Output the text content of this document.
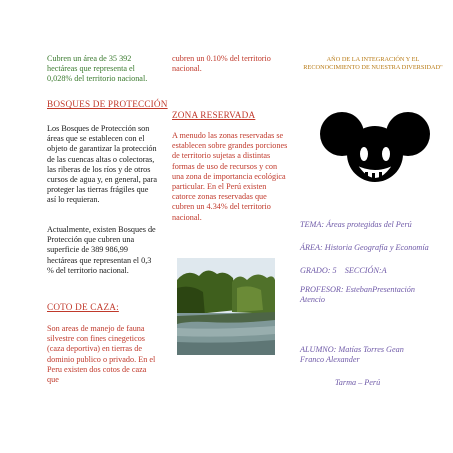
Cubren un área de 35 392 hectáreas que representa el 0,028% del territorio nacional.

BOSQUES DE PROTECCIÓN

Los Bosques de Protección son áreas que se establecen con el objeto de garantizar la protección de las cuencas altas o colectoras, las riberas de los ríos y de otros cursos de agua y, en general, para proteger las tierras frágiles que así lo requieran.

Actualmente, existen Bosques de Protección que cubren una superficie de 389 986,99 hectáreas que representan el 0,3 % del territorio nacional.

COTO DE CAZA:

Son areas de manejo de fauna silvestre con fines cinegeticos (caza deportiva) en tierras de dominio publico o privado. En el Peru existen dos cotos de caza que

cubren un 0.10% del territorio nacional.

ZONA RESERVADA

A menudo las zonas reservadas se establecen sobre grandes porciones de territorio sujetas a distintas formas de uso de recursos y con una zona de importancia ecológica particular. En el Perú existen catorce zonas reservadas que cubren un 4.34% del territorio nacional.

AÑO DE LA INTEGRACIÓN Y EL RECONOCIMIENTO DE NUESTRA DIVERSIDAD"

TEMA: Áreas protegidas del Perú

ÁREA: Historia Geografía y Economía

GRADO: 5    SECCIÓN:A

PROFESOR: EstebanPresentación Atencio

ALUMNO: Matías Torres Gean Franco Alexander

Tarma – Perú
